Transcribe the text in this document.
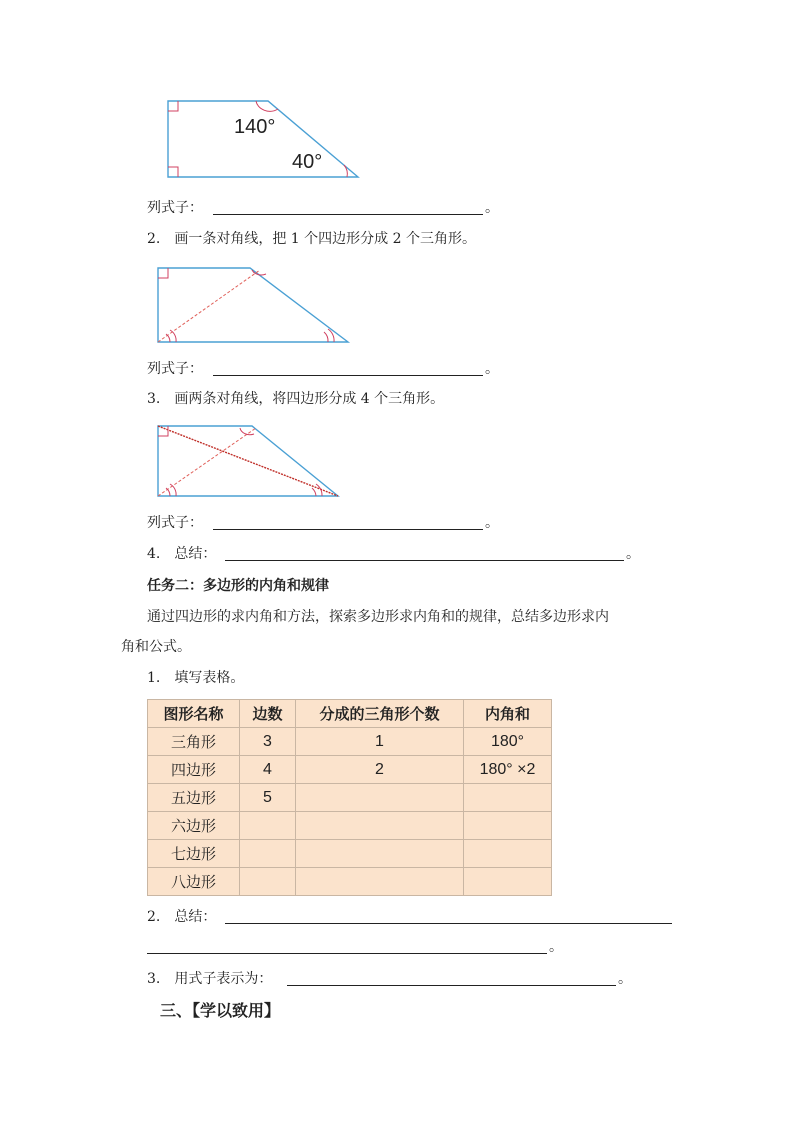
140°
40°
列式子：	。
2.　画一条对角线，把 1 个四边形分成 2 个三角形。
列式子：	。
3.　画两条对角线，将四边形分成 4 个三角形。
列式子：	。
4.　总结：	。
任务二：多边形的内角和规律
通过四边形的求内角和方法，探索多边形求内角和的规律，总结多边形求内
角和公式。
1.　填写表格。
图形名称	边数	分成的三角形个数	内角和
三角形	3	1	180°
四边形	4	2	180° ×2
五边形	5		
六边形			
七边形			
八边形			
2.　总结：
。
3.　用式子表示为：	。
三、【学以致用】
